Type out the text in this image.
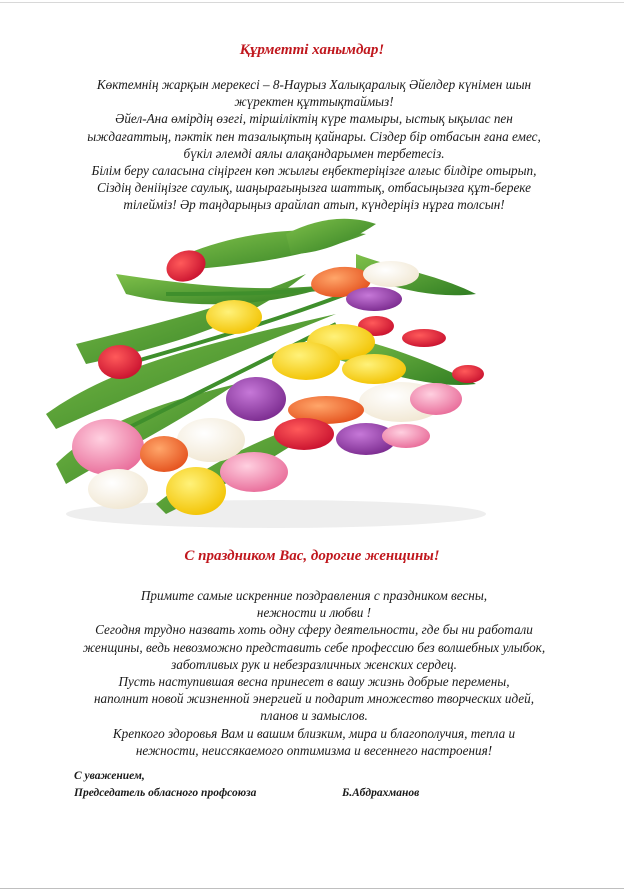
Құрметті ханымдар!
Көктемнің жарқын мерекесі – 8-Наурыз Халықаралық Әйелдер күнімен шын
жүректен құттықтаймыз!
Әйел-Ана өмірдің өзегі, тіршіліктің күре тамыры, ыстық ықылас пен
ыждағаттың, пәктік пен тазалықтың қайнары. Сіздер бір отбасын ғана емес,
бүкіл әлемді аялы алақандарымен тербетесіз.
Білім беру саласына сіңірген көп жылғы еңбектеріңізге алғыс білдіре отырып,
Сіздің денііңізге саулық, шаңырағыңызға шаттық, отбасыңызға құт-береке
тілейміз! Әр таңдарыңыз арайлап атып, күндеріңіз нұрға толсын!
С праздником Вас, дорогие женщины!
Примите самые искренние поздравления с праздником весны,
нежности и любви !
Сегодня трудно назвать хоть одну сферу деятельности, где бы ни работали
женщины, ведь невозможно представить себе профессию без волшебных улыбок,
заботливых рук и небезразличных женских сердец.
Пусть наступившая весна принесет в вашу жизнь добрые перемены,
наполнит новой жизненной энергией и подарит множество творческих идей,
планов и замыслов.
Крепкого здоровья Вам и вашим близким, мира и благополучия, тепла и
нежности, неиссякаемого оптимизма и весеннего настроения!
С уважением,
Председатель обласного профсоюза	Б.Абдрахманов
